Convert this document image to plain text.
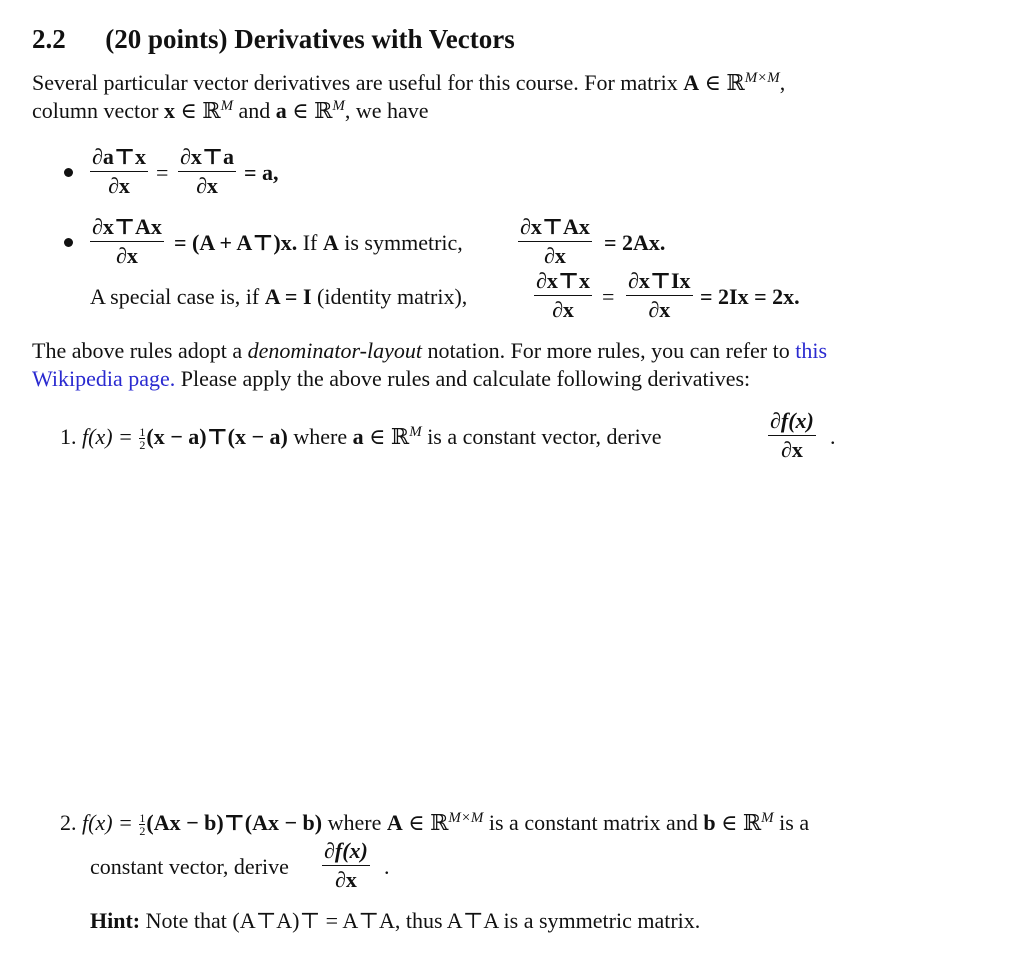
2.2 (20 points) Derivatives with Vectors
Several particular vector derivatives are useful for this course. For matrix A ∈ ℝ$^{M\times M}$,
column vector x ∈ ℝ$^M$ and a ∈ ℝ$^M$, we have
∂a⊤x
∂x
=
∂x⊤a
∂x
= a,
∂x⊤Ax
∂x
= (A + A⊤)x. If A is symmetric,
∂x⊤Ax
∂x
= 2Ax.
A special case is, if A = I (identity matrix),
∂x⊤x
∂x
=
∂x⊤Ix
∂x
= 2Ix = 2x.
The above rules adopt a denominator-layout notation. For more rules, you can refer to this
Wikipedia page. Please apply the above rules and calculate following derivatives:
1. $f(x) = \frac{1}{2}(x$ − a)⊤(x − a) where a ∈ ℝ$^M$ is a constant vector, derive
∂f(x)
∂x
.
2. $f(x) = \frac{1}{2}(Ax$ − b)⊤(Ax − b) where A ∈ ℝ$^{M\times M}$ is a constant matrix and b ∈ ℝ$^M$ is a
constant vector, derive
∂f(x)
∂x
.
Hint: Note that (A⊤A)⊤ = A⊤A, thus A⊤A is a symmetric matrix.
